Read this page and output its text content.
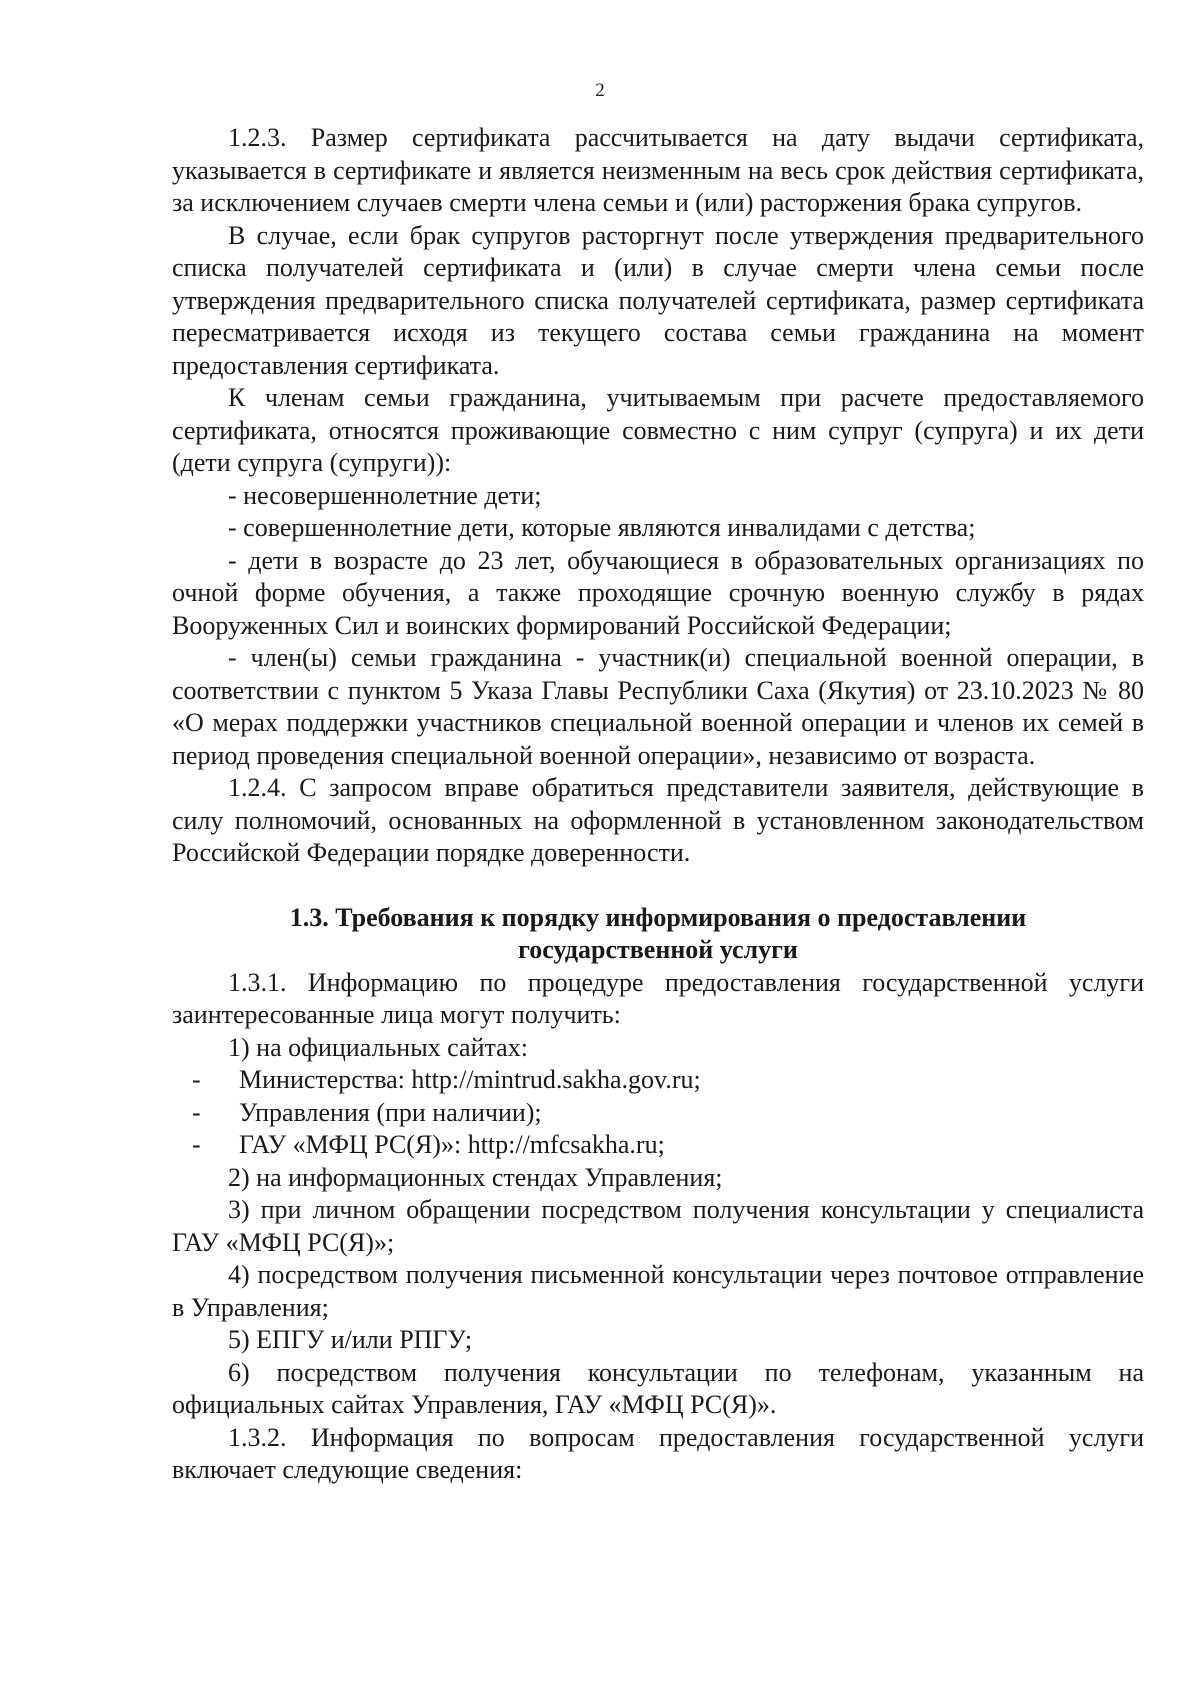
2

1.2.3. Размер сертификата рассчитывается на дату выдачи сертификата, указывается в сертификате и является неизменным на весь срок действия сертификата, за исключением случаев смерти члена семьи и (или) расторжения брака супругов.

В случае, если брак супругов расторгнут после утверждения предварительного списка получателей сертификата и (или) в случае смерти члена семьи после утверждения предварительного списка получателей сертификата, размер сертификата пересматривается исходя из текущего состава семьи гражданина на момент предоставления сертификата.

К членам семьи гражданина, учитываемым при расчете предоставляемого сертификата, относятся проживающие совместно с ним супруг (супруга) и их дети (дети супруга (супруги)):

- несовершеннолетние дети;

- совершеннолетние дети, которые являются инвалидами с детства;

- дети в возрасте до 23 лет, обучающиеся в образовательных организациях по очной форме обучения, а также проходящие срочную военную службу в рядах Вооруженных Сил и воинских формирований Российской Федерации;

- член(ы) семьи гражданина - участник(и) специальной военной операции, в соответствии с пунктом 5 Указа Главы Республики Саха (Якутия) от 23.10.2023 № 80 «О мерах поддержки участников специальной военной операции и членов их семей в период проведения специальной военной операции», независимо от возраста.

1.2.4. С запросом вправе обратиться представители заявителя, действующие в силу полномочий, основанных на оформленной в установленном законодательством Российской Федерации порядке доверенности.

1.3. Требования к порядку информирования о предоставлении

государственной услуги

1.3.1. Информацию по процедуре предоставления государственной услуги заинтересованные лица могут получить:

1) на официальных сайтах:

-	Министерства: http://mintrud.sakha.gov.ru;
-	Управления (при наличии);
-	ГАУ «МФЦ РС(Я)»: http://mfcsakha.ru;

2) на информационных стендах Управления;

3) при личном обращении посредством получения консультации у специалиста ГАУ «МФЦ РС(Я)»;

4) посредством получения письменной консультации через почтовое отправление в Управления;

5) ЕПГУ и/или РПГУ;

6) посредством получения консультации по телефонам, указанным на официальных сайтах Управления, ГАУ «МФЦ РС(Я)».

1.3.2. Информация по вопросам предоставления государственной услуги включает следующие сведения:
